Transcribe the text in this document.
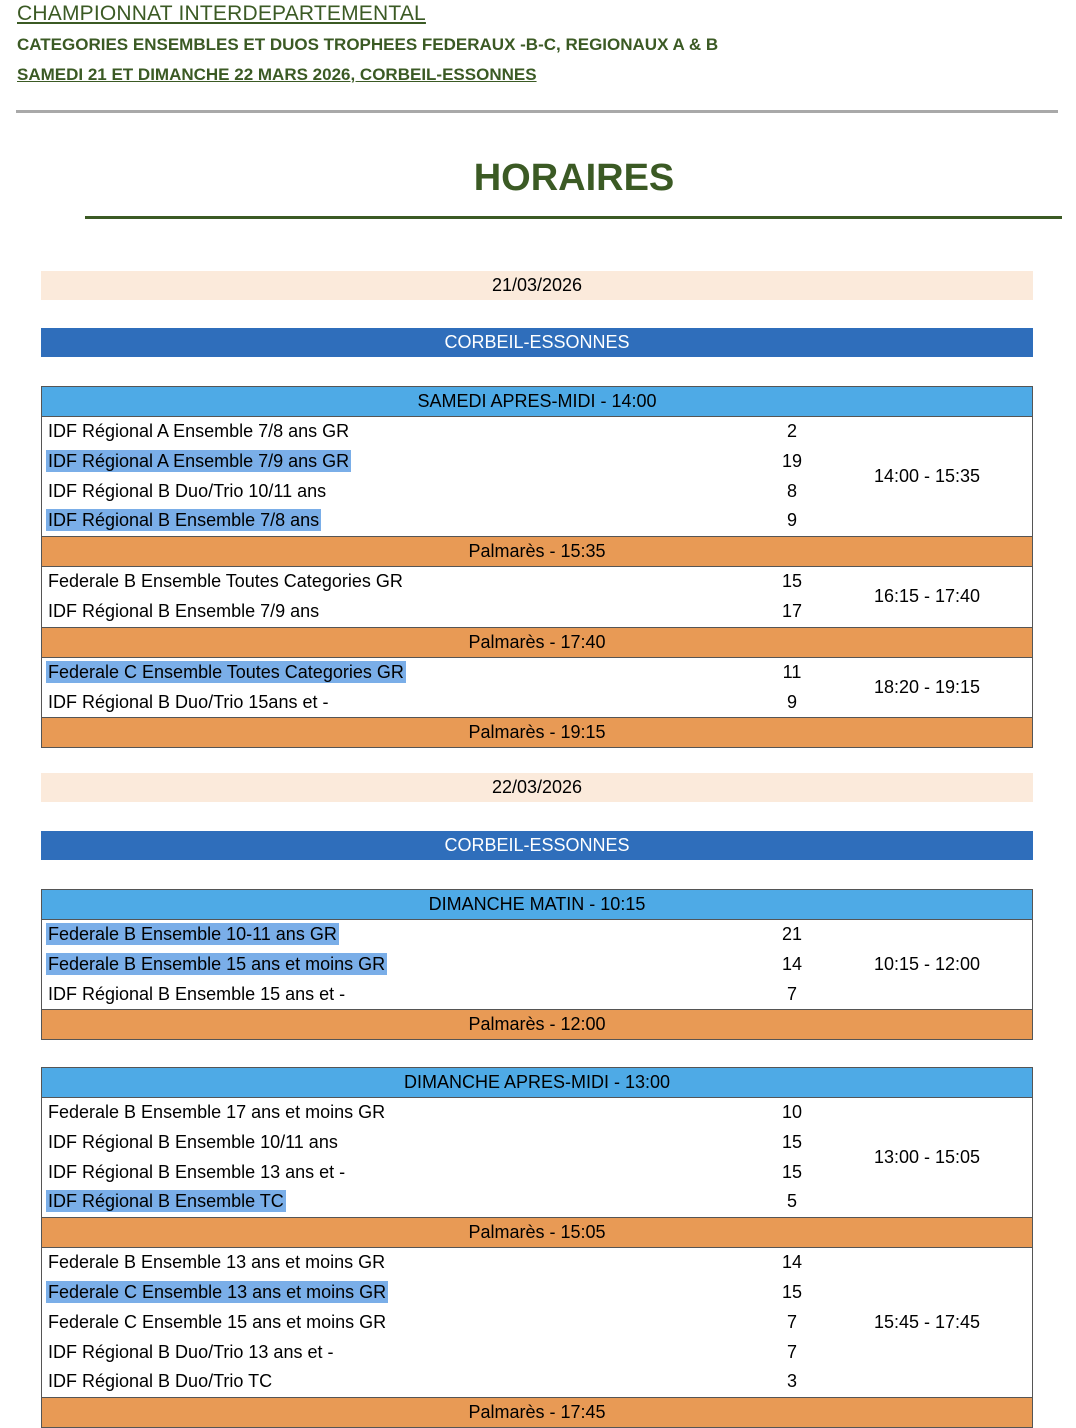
CHAMPIONNAT INTERDEPARTEMENTAL
CATEGORIES ENSEMBLES ET DUOS TROPHEES FEDERAUX -B-C, REGIONAUX A & B
SAMEDI 21 ET DIMANCHE 22 MARS 2026, CORBEIL-ESSONNES
HORAIRES
21/03/2026
CORBEIL-ESSONNES
SAMEDI APRES-MIDI - 14:00
IDF Régional A Ensemble 7/8 ans GR
IDF Régional A Ensemble 7/9 ans GR
IDF Régional B Duo/Trio 10/11 ans
IDF Régional B Ensemble 7/8 ans
2
19
8
9
14:00 - 15:35
Palmarès - 15:35
Federale B Ensemble Toutes Categories GR
IDF Régional B Ensemble 7/9 ans
15
17
16:15 - 17:40
Palmarès - 17:40
Federale C Ensemble Toutes Categories GR
IDF Régional B Duo/Trio 15ans et -
11
9
18:20 - 19:15
Palmarès - 19:15
22/03/2026
CORBEIL-ESSONNES
DIMANCHE MATIN - 10:15
Federale B Ensemble 10-11 ans GR
Federale B Ensemble 15 ans et moins GR
IDF Régional B Ensemble 15 ans et -
21
14
7
10:15 - 12:00
Palmarès - 12:00
DIMANCHE APRES-MIDI - 13:00
Federale B Ensemble 17 ans et moins GR
IDF Régional B Ensemble 10/11 ans
IDF Régional B Ensemble 13 ans et -
IDF Régional B Ensemble TC
10
15
15
5
13:00 - 15:05
Palmarès - 15:05
Federale B Ensemble 13 ans et moins GR
Federale C Ensemble 13 ans et moins GR
Federale C Ensemble 15 ans et moins GR
IDF Régional B Duo/Trio 13 ans et -
IDF Régional B Duo/Trio TC
14
15
7
7
3
15:45 - 17:45
Palmarès - 17:45
